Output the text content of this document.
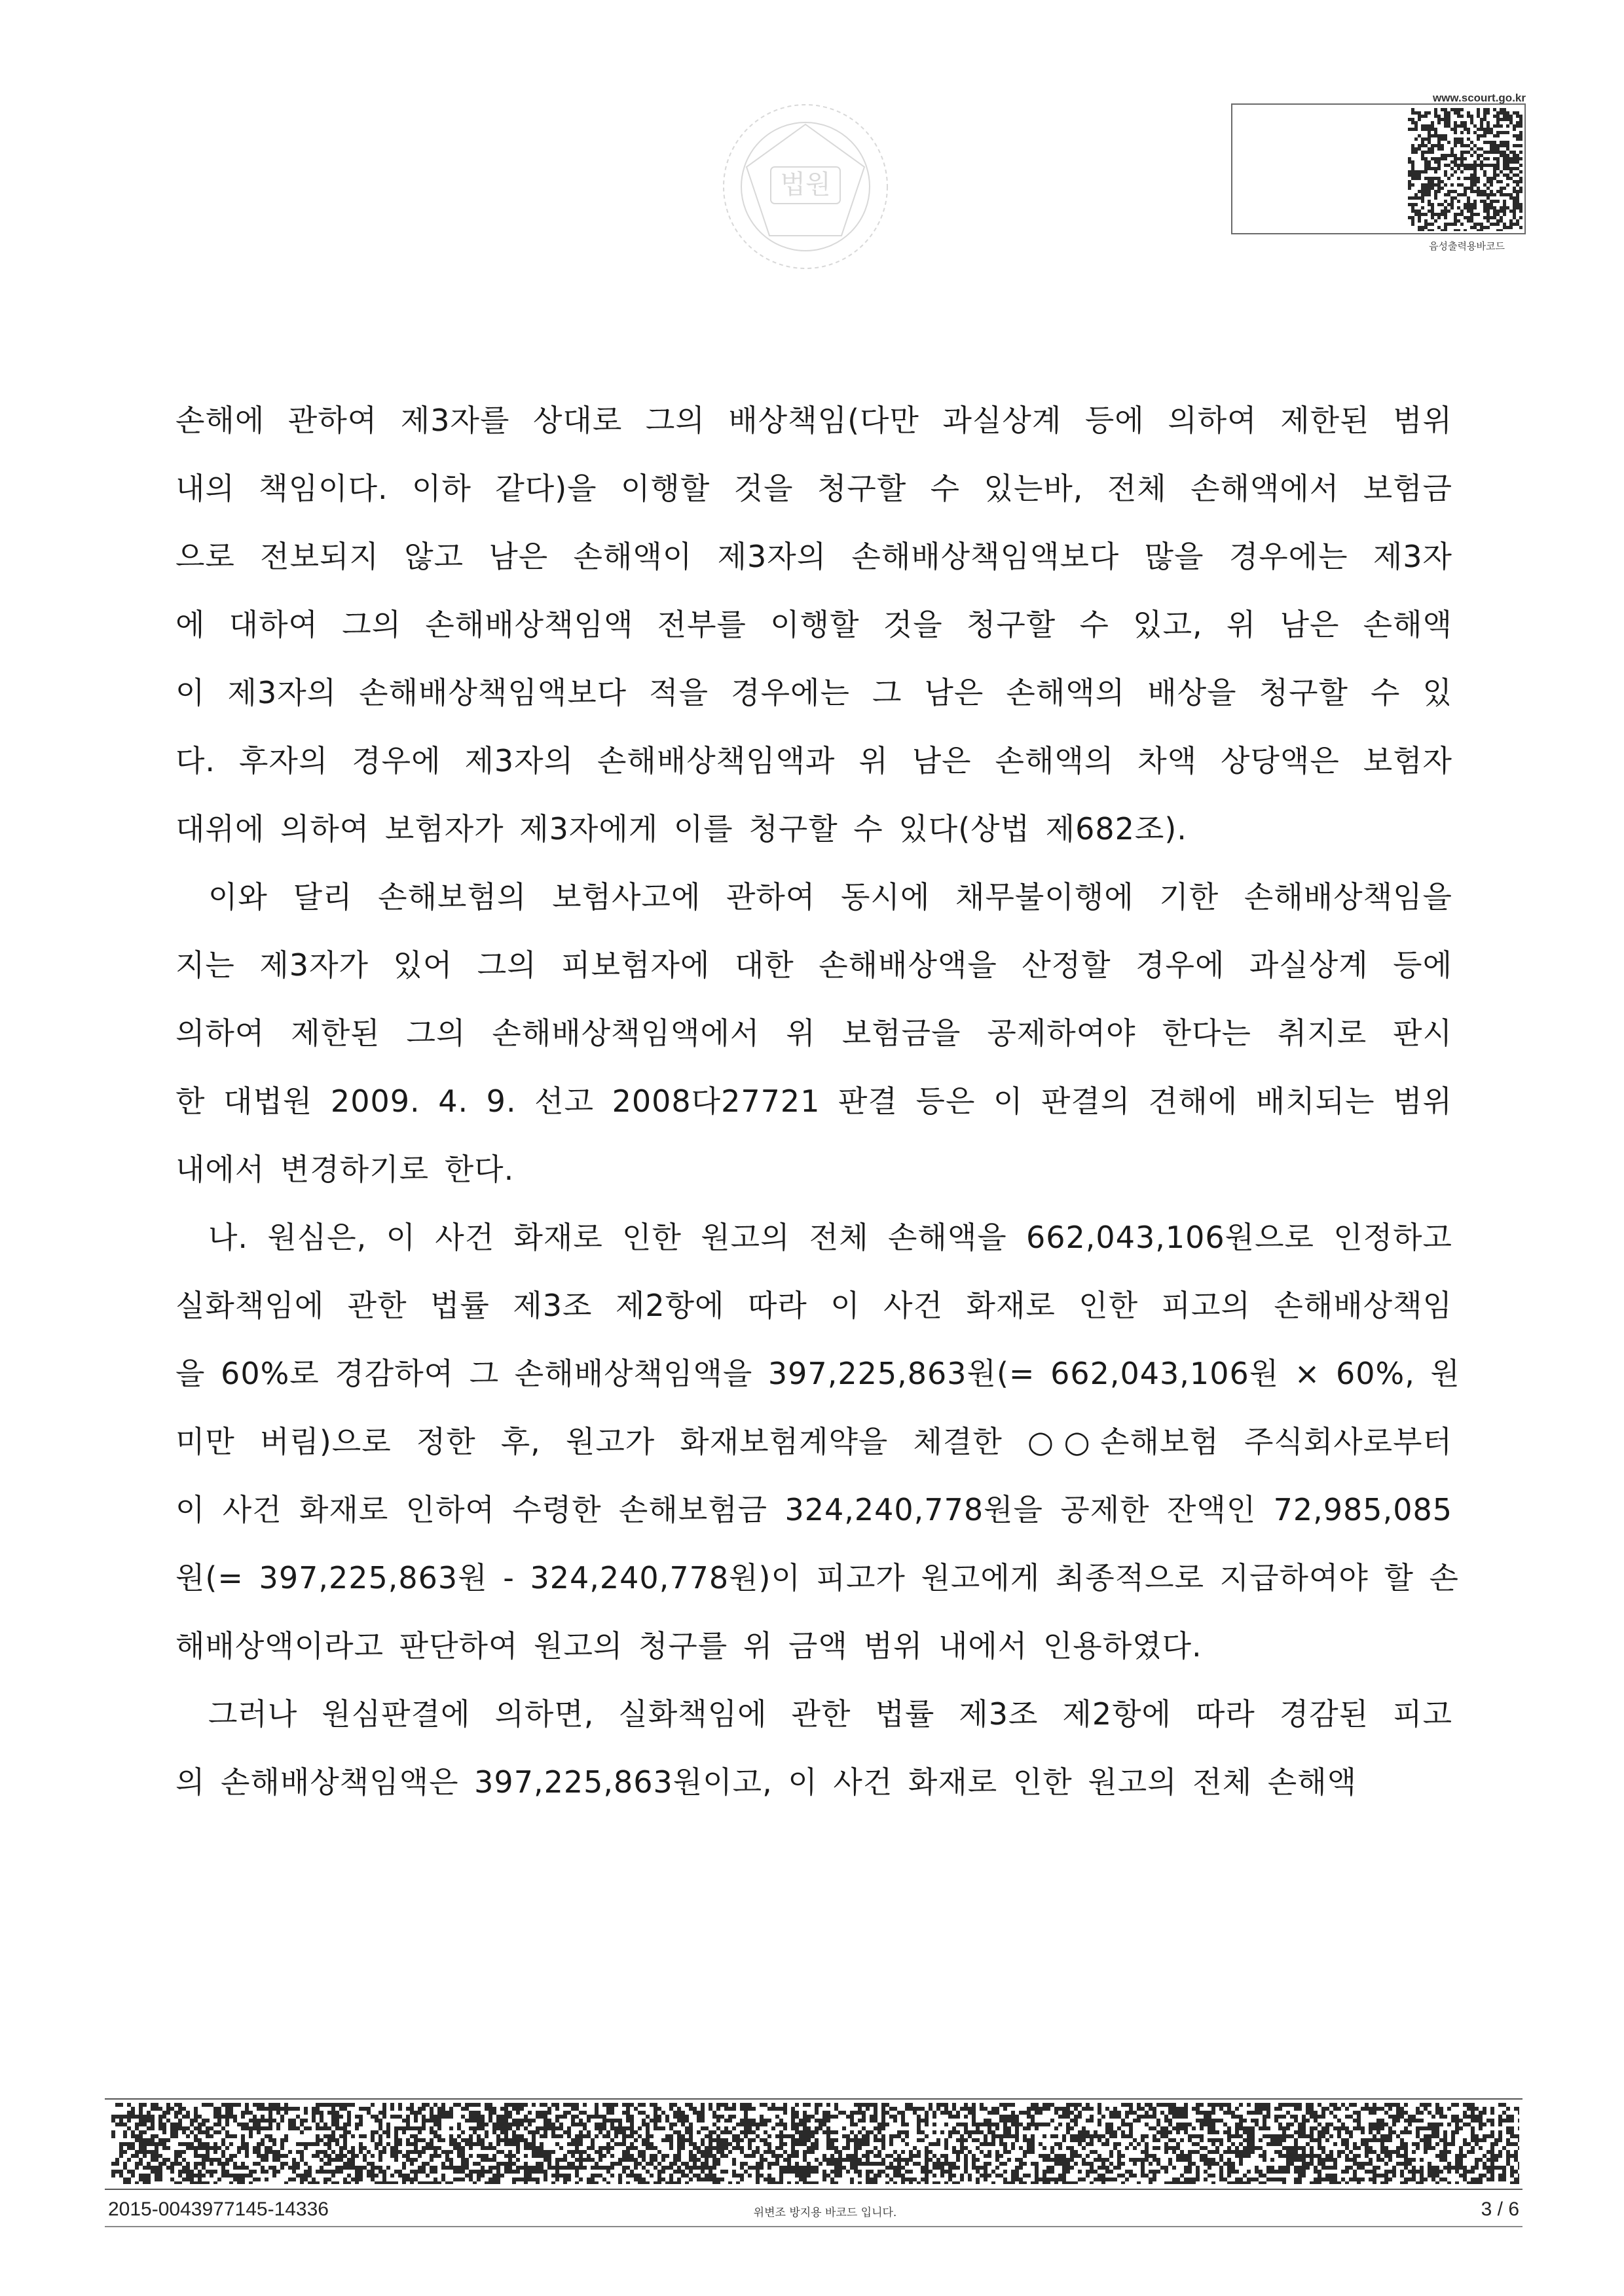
법원
www.scourt.go.kr
음성출력용바코드
손해에 관하여 제3자를 상대로 그의 배상책임(다만 과실상계 등에 의하여 제한된 범위
내의 책임이다. 이하 같다)을 이행할 것을 청구할 수 있는바, 전체 손해액에서 보험금
으로 전보되지 않고 남은 손해액이 제3자의 손해배상책임액보다 많을 경우에는 제3자
에 대하여 그의 손해배상책임액 전부를 이행할 것을 청구할 수 있고, 위 남은 손해액
이 제3자의 손해배상책임액보다 적을 경우에는 그 남은 손해액의 배상을 청구할 수 있
다. 후자의 경우에 제3자의 손해배상책임액과 위 남은 손해액의 차액 상당액은 보험자
대위에 의하여 보험자가 제3자에게 이를 청구할 수 있다(상법 제682조).
이와 달리 손해보험의 보험사고에 관하여 동시에 채무불이행에 기한 손해배상책임을
지는 제3자가 있어 그의 피보험자에 대한 손해배상액을 산정할 경우에 과실상계 등에
의하여 제한된 그의 손해배상책임액에서 위 보험금을 공제하여야 한다는 취지로 판시
한 대법원 2009. 4. 9. 선고 2008다27721 판결 등은 이 판결의 견해에 배치되는 범위
내에서 변경하기로 한다.
나. 원심은, 이 사건 화재로 인한 원고의 전체 손해액을 662,043,106원으로 인정하고
실화책임에 관한 법률 제3조 제2항에 따라 이 사건 화재로 인한 피고의 손해배상책임
을 60%로 경감하여 그 손해배상책임액을 397,225,863원(= 662,043,106원 × 60%, 원
미만 버림)으로 정한 후, 원고가 화재보험계약을 체결한 ○○손해보험 주식회사로부터
이 사건 화재로 인하여 수령한 손해보험금 324,240,778원을 공제한 잔액인 72,985,085
원(= 397,225,863원 - 324,240,778원)이 피고가 원고에게 최종적으로 지급하여야 할 손
해배상액이라고 판단하여 원고의 청구를 위 금액 범위 내에서 인용하였다.
그러나 원심판결에 의하면, 실화책임에 관한 법률 제3조 제2항에 따라 경감된 피고
의 손해배상책임액은 397,225,863원이고, 이 사건 화재로 인한 원고의 전체 손해액
2015-0043977145-14336	위변조 방지용 바코드 입니다.	3 / 6
